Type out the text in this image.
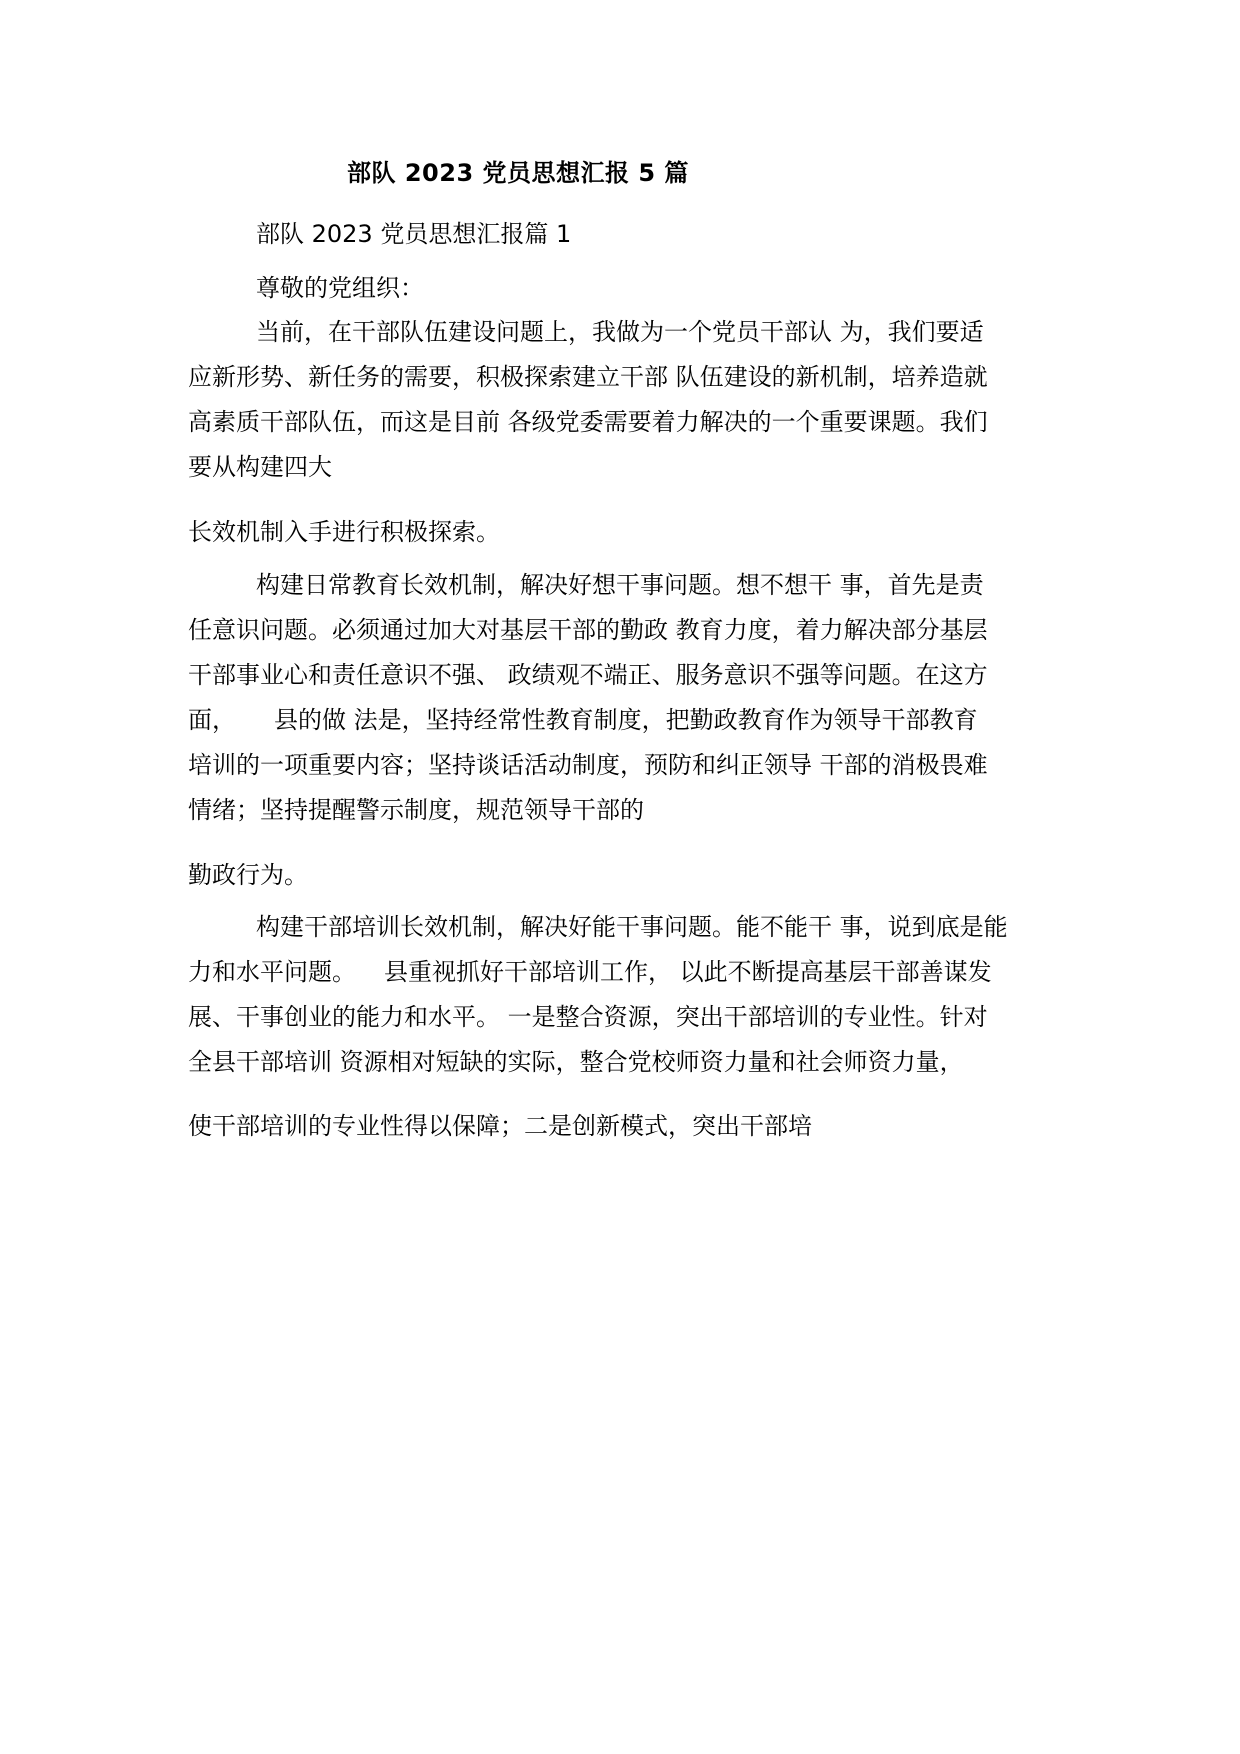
部队 2023 党员思想汇报 5 篇
部队 2023 党员思想汇报篇 1
尊敬的党组织：
当前，在干部队伍建设问题上，我做为一个党员干部认 为，我们要适
应新形势、新任务的需要，积极探索建立干部 队伍建设的新机制，培养造就
高素质干部队伍，而这是目前 各级党委需要着力解决的一个重要课题。我们
要从构建四大
长效机制入手进行积极探索。
构建日常教育长效机制，解决好想干事问题。想不想干 事，首先是责
任意识问题。必须通过加大对基层干部的勤政 教育力度，着力解决部分基层
干部事业心和责任意识不强、 政绩观不端正、服务意识不强等问题。在这方
面， 县的做 法是，坚持经常性教育制度，把勤政教育作为领导干部教育
培训的一项重要内容；坚持谈话活动制度，预防和纠正领导 干部的消极畏难
情绪；坚持提醒警示制度，规范领导干部的
勤政行为。
构建干部培训长效机制，解决好能干事问题。能不能干 事，说到底是能
力和水平问题。 县重视抓好干部培训工作， 以此不断提高基层干部善谋发
展、干事创业的能力和水平。 一是整合资源，突出干部培训的专业性。针对
全县干部培训 资源相对短缺的实际，整合党校师资力量和社会师资力量，
使干部培训的专业性得以保障；二是创新模式，突出干部培
